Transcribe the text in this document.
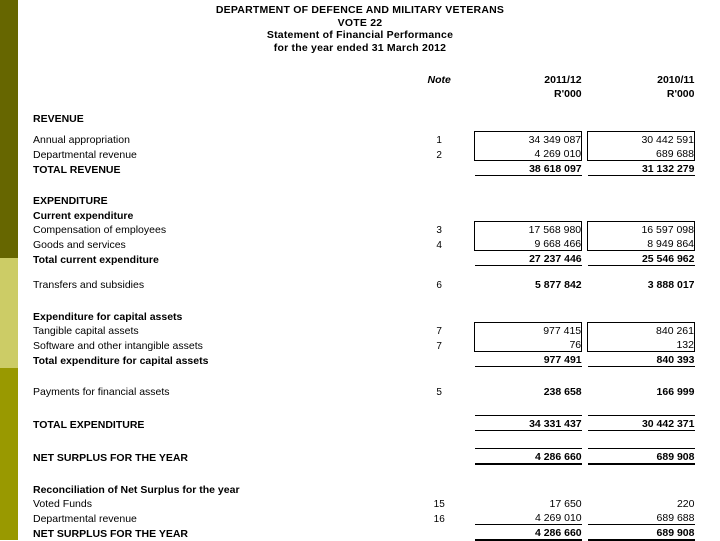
DEPARTMENT OF DEFENCE AND MILITARY VETERANS
VOTE 22
Statement of Financial Performance
for the year ended 31 March 2012
	Note		2011/12		2010/11
			R'000		R'000

REVENUE					

Annual appropriation	1		34 349 087		30 442 591
Departmental revenue	2		4 269 010		689 688
TOTAL REVENUE			38 618 097		31 132 279

EXPENDITURE					
Current expenditure					
Compensation of employees	3		17 568 980		16 597 098
Goods and services	4		9 668 466		8 949 864
Total current expenditure			27 237 446		25 546 962

Transfers and subsidies	6		5 877 842		3 888 017

Expenditure for capital assets					
Tangible capital assets	7		977 415		840 261
Software and other intangible assets	7		76		132
Total expenditure for capital assets			977 491		840 393

Payments for financial assets	5		238 658		166 999

TOTAL EXPENDITURE			34 331 437		30 442 371

NET SURPLUS FOR THE YEAR			4 286 660		689 908

Reconciliation of Net Surplus for the year					
Voted Funds	15		17 650		220
Departmental revenue	16		4 269 010		689 688
NET SURPLUS FOR THE YEAR			4 286 660		689 908
